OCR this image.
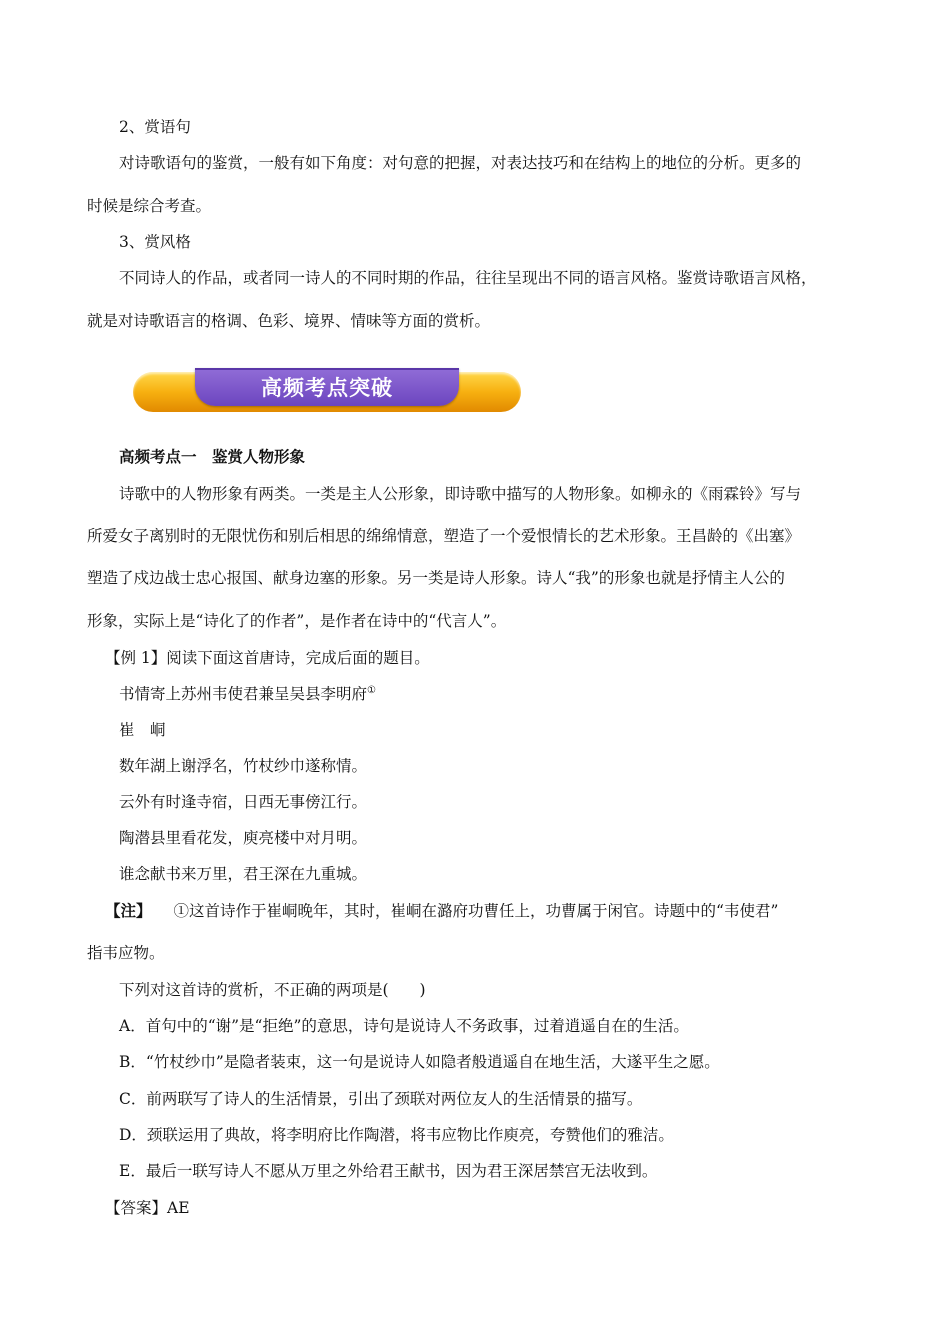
2、赏语句
对诗歌语句的鉴赏，一般有如下角度：对句意的把握，对表达技巧和在结构上的地位的分析。更多的
时候是综合考查。
3、赏风格
不同诗人的作品，或者同一诗人的不同时期的作品，往往呈现出不同的语言风格。鉴赏诗歌语言风格，
就是对诗歌语言的格调、色彩、境界、情味等方面的赏析。
高频考点突破
高频考点一　鉴赏人物形象
诗歌中的人物形象有两类。一类是主人公形象，即诗歌中描写的人物形象。如柳永的《雨霖铃》写与
所爱女子离别时的无限忧伤和别后相思的绵绵情意，塑造了一个爱恨情长的艺术形象。王昌龄的《出塞》
塑造了戍边战士忠心报国、献身边塞的形象。另一类是诗人形象。诗人“我”的形象也就是抒情主人公的
形象，实际上是“诗化了的作者”，是作者在诗中的“代言人”。
【例 1】阅读下面这首唐诗，完成后面的题目。
书情寄上苏州韦使君兼呈吴县李明府①
崔　峒
数年湖上谢浮名，竹杖纱巾遂称情。
云外有时逢寺宿，日西无事傍江行。
陶潜县里看花发，庾亮楼中对月明。
谁念献书来万里，君王深在九重城。
【注】 ①这首诗作于崔峒晚年，其时，崔峒在潞府功曹任上，功曹属于闲官。诗题中的“韦使君”
指韦应物。
下列对这首诗的赏析，不正确的两项是(　　)
A．首句中的“谢”是“拒绝”的意思，诗句是说诗人不务政事，过着逍遥自在的生活。
B．“竹杖纱巾”是隐者装束，这一句是说诗人如隐者般逍遥自在地生活，大遂平生之愿。
C．前两联写了诗人的生活情景，引出了颈联对两位友人的生活情景的描写。
D．颈联运用了典故，将李明府比作陶潜，将韦应物比作庾亮，夸赞他们的雅洁。
E．最后一联写诗人不愿从万里之外给君王献书，因为君王深居禁宫无法收到。
【答案】AE
